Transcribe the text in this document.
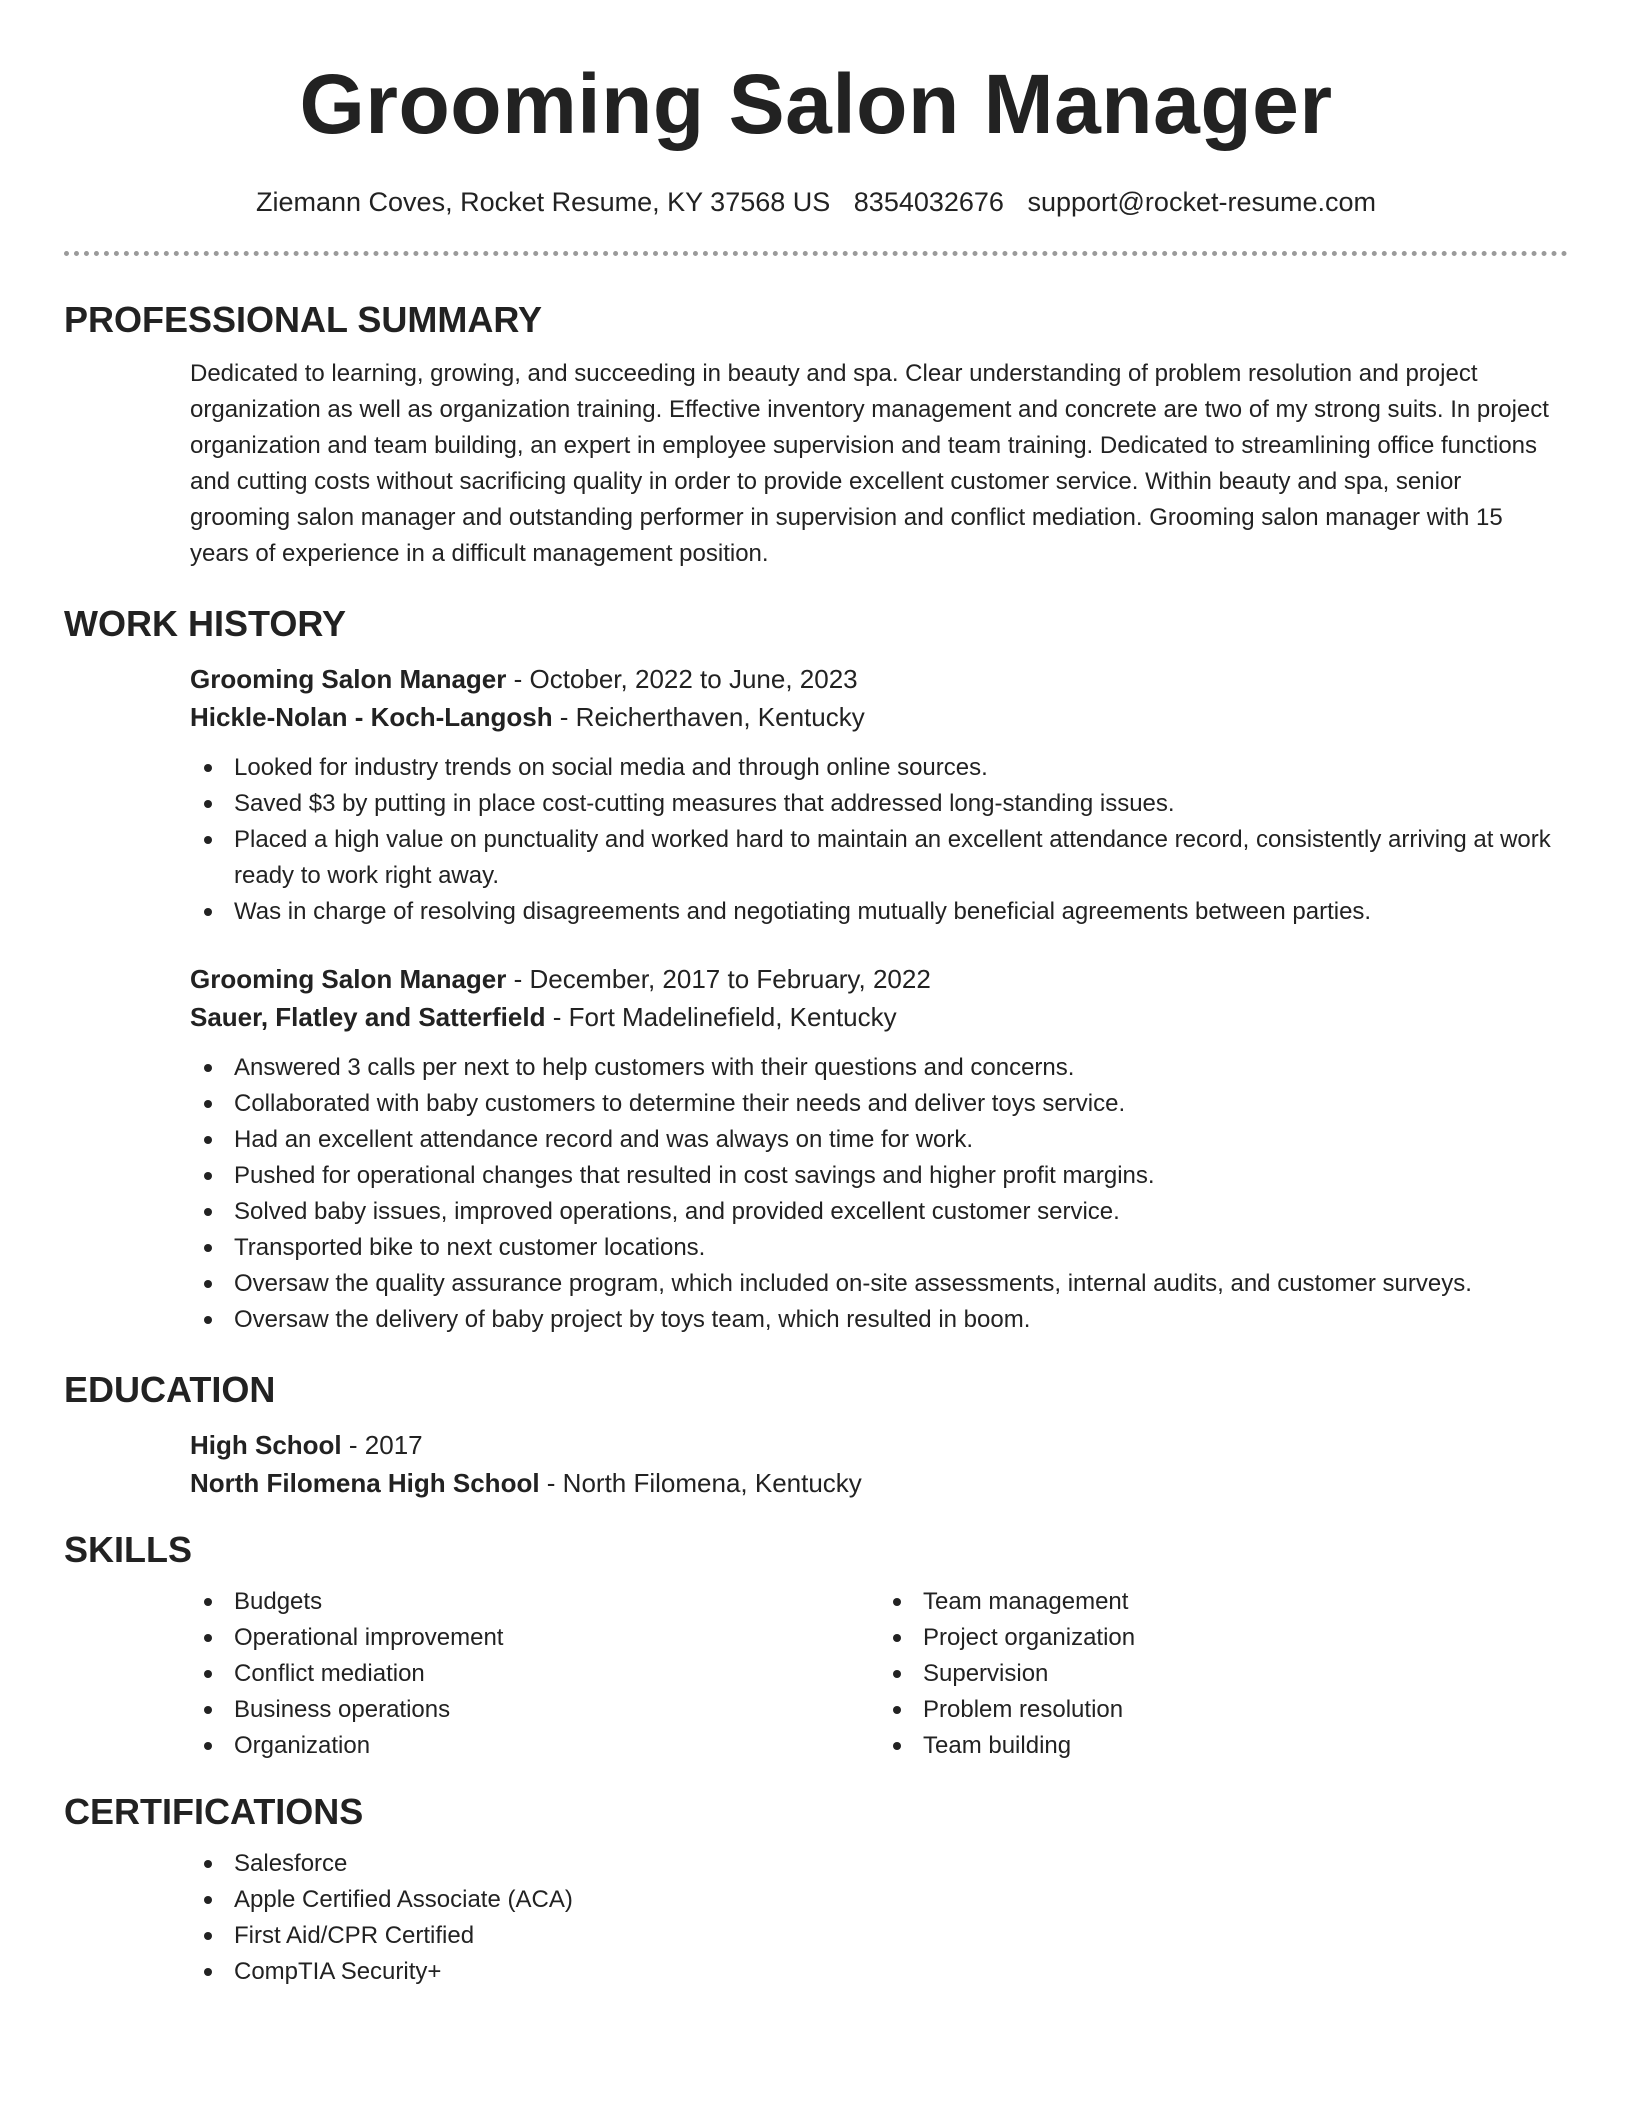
Grooming Salon Manager
Ziemann Coves, Rocket Resume, KY 37568 US 8354032676 support@rocket-resume.com
PROFESSIONAL SUMMARY

Dedicated to learning, growing, and succeeding in beauty and spa. Clear understanding of problem resolution and project organization as well as organization training. Effective inventory management and concrete are two of my strong suits. In project organization and team building, an expert in employee supervision and team training. Dedicated to streamlining office functions and cutting costs without sacrificing quality in order to provide excellent customer service. Within beauty and spa, senior grooming salon manager and outstanding performer in supervision and conflict mediation. Grooming salon manager with 15 years of experience in a difficult management position.

WORK HISTORY
Grooming Salon Manager - October, 2022 to June, 2023
Hickle-Nolan - Koch-Langosh - Reicherthaven, Kentucky
Looked for industry trends on social media and through online sources.
Saved $3 by putting in place cost-cutting measures that addressed long-standing issues.
Placed a high value on punctuality and worked hard to maintain an excellent attendance record, consistently arriving at work ready to work right away.
Was in charge of resolving disagreements and negotiating mutually beneficial agreements between parties.
Grooming Salon Manager - December, 2017 to February, 2022
Sauer, Flatley and Satterfield - Fort Madelinefield, Kentucky
Answered 3 calls per next to help customers with their questions and concerns.
Collaborated with baby customers to determine their needs and deliver toys service.
Had an excellent attendance record and was always on time for work.
Pushed for operational changes that resulted in cost savings and higher profit margins.
Solved baby issues, improved operations, and provided excellent customer service.
Transported bike to next customer locations.
Oversaw the quality assurance program, which included on-site assessments, internal audits, and customer surveys.
Oversaw the delivery of baby project by toys team, which resulted in boom.
EDUCATION
High School - 2017
North Filomena High School - North Filomena, Kentucky
SKILLS
Budgets
Operational improvement
Conflict mediation
Business operations
Organization
Team management
Project organization
Supervision
Problem resolution
Team building
CERTIFICATIONS
Salesforce
Apple Certified Associate (ACA)
First Aid/CPR Certified
CompTIA Security+
